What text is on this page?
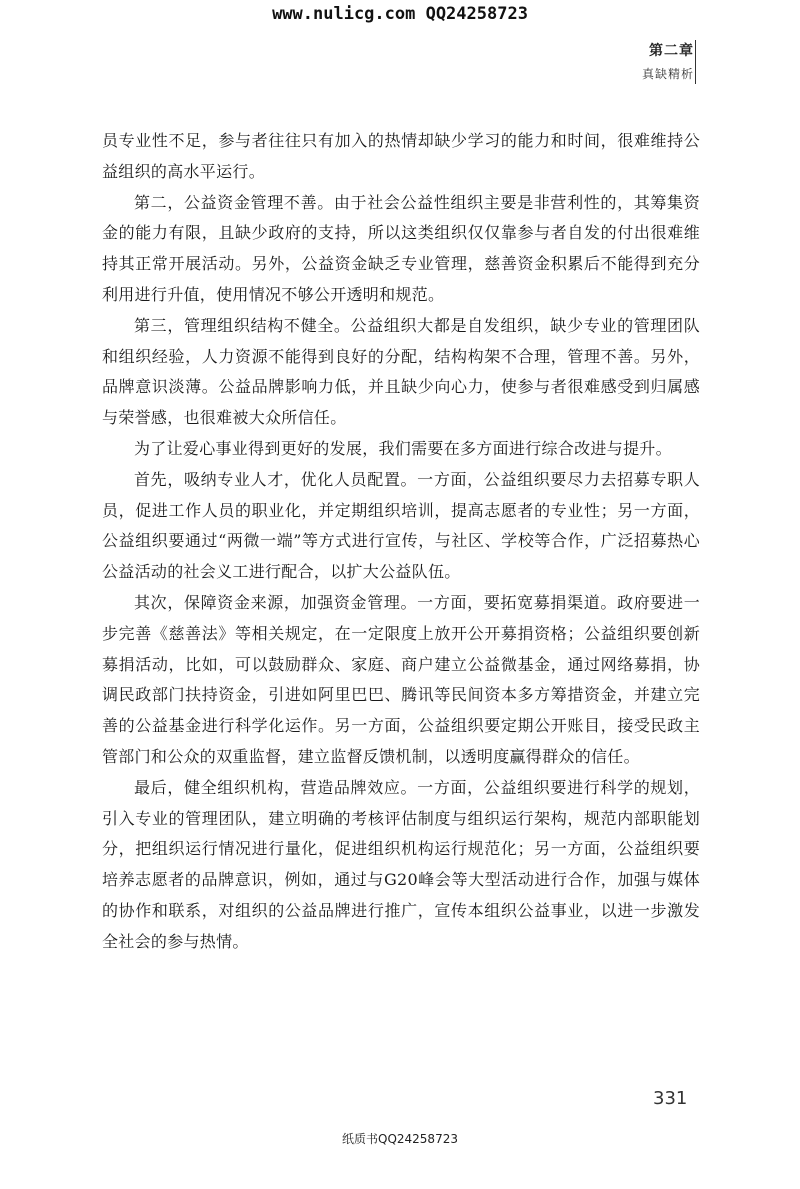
www.nulicg.com QQ24258723
第二章
真缺精析

员专业性不足，参与者往往只有加入的热情却缺少学习的能力和时间，很难维持公益组织的高水平运行。

第二，公益资金管理不善。由于社会公益性组织主要是非营利性的，其筹集资金的能力有限，且缺少政府的支持，所以这类组织仅仅靠参与者自发的付出很难维持其正常开展活动。另外，公益资金缺乏专业管理，慈善资金积累后不能得到充分利用进行升值，使用情况不够公开透明和规范。

第三，管理组织结构不健全。公益组织大都是自发组织，缺少专业的管理团队和组织经验，人力资源不能得到良好的分配，结构构架不合理，管理不善。另外，品牌意识淡薄。公益品牌影响力低，并且缺少向心力，使参与者很难感受到归属感与荣誉感，也很难被大众所信任。

为了让爱心事业得到更好的发展，我们需要在多方面进行综合改进与提升。

首先，吸纳专业人才，优化人员配置。一方面，公益组织要尽力去招募专职人员，促进工作人员的职业化，并定期组织培训，提高志愿者的专业性；另一方面，公益组织要通过“两微一端”等方式进行宣传，与社区、学校等合作，广泛招募热心公益活动的社会义工进行配合，以扩大公益队伍。

其次，保障资金来源，加强资金管理。一方面，要拓宽募捐渠道。政府要进一步完善《慈善法》等相关规定，在一定限度上放开公开募捐资格；公益组织要创新募捐活动，比如，可以鼓励群众、家庭、商户建立公益微基金，通过网络募捐，协调民政部门扶持资金，引进如阿里巴巴、腾讯等民间资本多方筹措资金，并建立完善的公益基金进行科学化运作。另一方面，公益组织要定期公开账目，接受民政主管部门和公众的双重监督，建立监督反馈机制，以透明度赢得群众的信任。

最后，健全组织机构，营造品牌效应。一方面，公益组织要进行科学的规划，引入专业的管理团队，建立明确的考核评估制度与组织运行架构，规范内部职能划分，把组织运行情况进行量化，促进组织机构运行规范化；另一方面，公益组织要培养志愿者的品牌意识，例如，通过与G20峰会等大型活动进行合作，加强与媒体的协作和联系，对组织的公益品牌进行推广，宣传本组织公益事业，以进一步激发全社会的参与热情。

331
纸质书QQ24258723
